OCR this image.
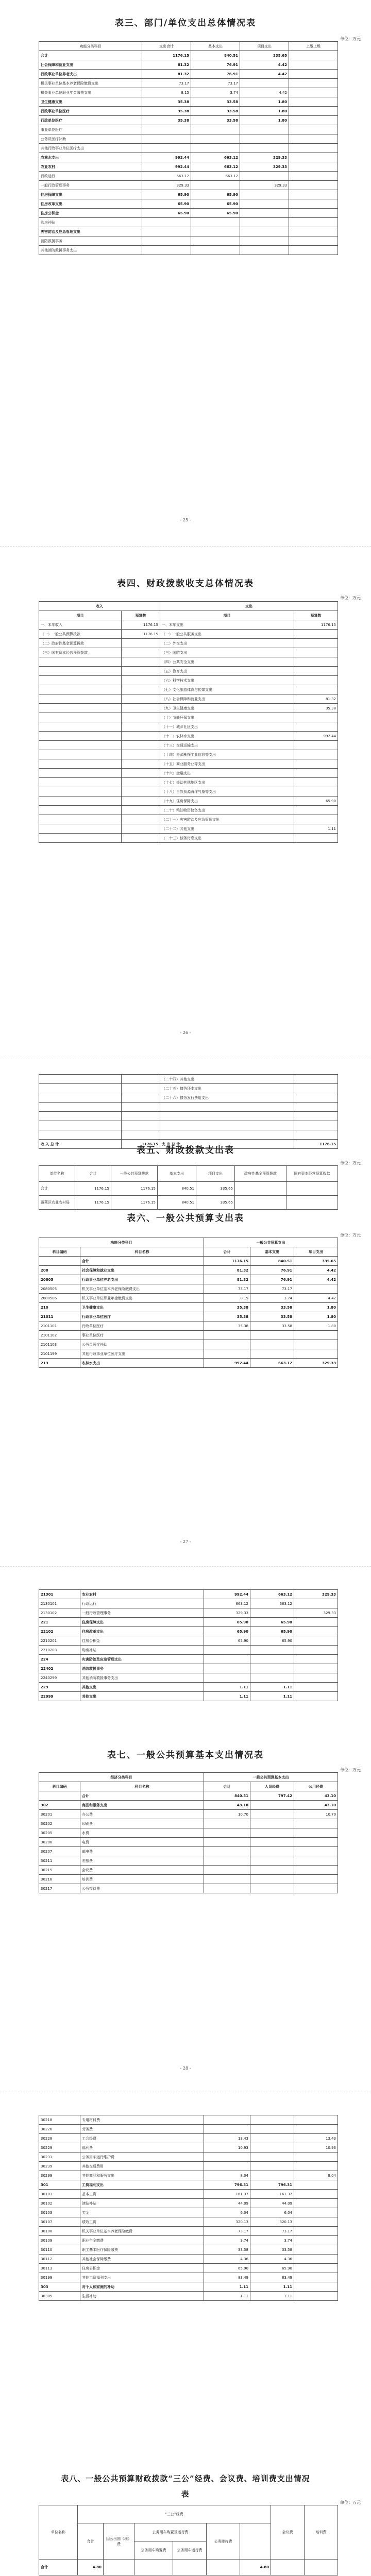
表三、部门/单位支出总体情况表
单位：万元
功能分类科目	支出合计	基本支出	项目支出	上缴上级
合计	1176.15	840.51	335.65	
社会保障和就业支出	81.32	76.91	4.42	
行政事业单位养老支出	81.32	76.91	4.42	
机关事业单位基本养老保险缴费支出	73.17	73.17		
机关事业单位职业年金缴费支出	8.15	3.74	4.42	
卫生健康支出	35.38	33.58	1.80	
行政事业单位医疗	35.38	33.58	1.80	
行政单位医疗	35.38	33.58	1.80	
事业单位医疗				
公务员医疗补助				
其他行政事业单位医疗支出				
农林水支出	992.44	663.12	329.33	
农业农村	992.44	663.12	329.33	
行政运行	663.12	663.12		
一般行政管理事务	329.33		329.33	
住房保障支出	65.90	65.90		
住房改革支出	65.90	65.90		
住房公积金	65.90	65.90		
购房补贴				
灾害防治及应急管理支出				
消防救援事务				
其他消防救援事务支出				
- 25 -
表四、财政拨款收支总体情况表
单位：万元
收入		支出	
项目	预算数	项目	预算数
一、本年收入	1176.15	一、本年支出	1176.15
（一）一般公共预算拨款	1176.15	（一）一般公共服务支出	
（二）政府性基金预算拨款		（二）外交支出	
（三）国有资本经营预算拨款		（三）国防支出	
		（四）公共安全支出	
		（五）教育支出	
		（六）科学技术支出	
		（七）文化旅游体育与传媒支出	
		（八）社会保障和就业支出	81.32
		（九）卫生健康支出	35.38
		（十）节能环保支出	
		（十一）城乡社区支出	
		（十二）农林水支出	992.44
		（十三）交通运输支出	
		（十四）资源勘探工业信息等支出	
		（十五）商业服务业等支出	
		（十六）金融支出	
		（十七）援助其他地区支出	
		（十八）自然资源海洋气象等支出	
		（十九）住房保障支出	65.90
		（二十）粮油物资储备支出	
		（二十一）灾害防治及应急管理支出	
		（二十二）其他支出	1.11
		（二十三）债务付息支出	
- 26 -
		（二十四）其他支出	
		（二十五）债务还本支出	
		（二十六）债务发行费用支出	

收 入 总 计	1176.15	支 出 总 计	1176.15
表五、财政拨款支出表
单位：万元
单位名称	合计	一般公共预算拨款	基本支出	项目支出	政府性基金预算拨款	国有资本经营预算拨款
合计	1176.15	1176.15	840.51	335.65		
蓬莱区农业农村局	1176.15	1176.15	840.51	335.65		
表六、一般公共预算支出表
单位：万元
功能分类科目		一般公共预算支出		
科目编码	科目名称	合计	基本支出	项目支出
	合计	1176.15	840.51	335.65
208	社会保障和就业支出	81.32	76.91	4.42
20805	行政事业单位养老支出	81.32	76.91	4.42
2080505	机关事业单位基本养老保险缴费支出	73.17	73.17	
2080506	机关事业单位职业年金缴费支出	8.15	3.74	4.42
210	卫生健康支出	35.38	33.58	1.80
21011	行政事业单位医疗	35.38	33.58	1.80
2101101	行政单位医疗	35.38	33.58	1.80
2101102	事业单位医疗			
2101103	公务员医疗补助			
2101199	其他行政事业单位医疗支出			
213	农林水支出	992.44	663.12	329.33
- 27 -
21301	农业农村	992.44	663.12	329.33
2130101	行政运行	663.12	663.12	
2130102	一般行政管理事务	329.33		329.33
221	住房保障支出	65.90	65.90	
22102	住房改革支出	65.90	65.90	
2210201	住房公积金	65.90	65.90	
2210203	购房补贴			
224	灾害防治及应急管理支出			
22402	消防救援事务			
2240299	其他消防救援事务支出			
229	其他支出	1.11	1.11	
22999	其他支出	1.11	1.11	
表七、一般公共预算基本支出情况表
单位：万元
经济分类科目		一般公共预算基本支出		
科目编码	科目名称	合计	人员经费	公用经费
	合计	840.51	797.42	43.10
302	商品和服务支出	43.10		43.10
30201	办公费	10.70		10.70
30202	印刷费			
30205	水费			
30206	电费			
30207	邮电费			
30211	差旅费			
30215	会议费			
30216	培训费			
30217	公务接待费			
- 28 -
30218	专用材料费			
30226	劳务费			
30228	工会经费	13.43		13.43
30229	福利费	10.93		10.93
30231	公务用车运行维护费			
30239	其他交通费用			
30299	其他商品和服务支出	8.04		8.04
301	工资福利支出	796.31	796.31	
30101	基本工资	161.37	161.37	
30102	津贴补贴	44.09	44.09	
30103	奖金	6.04	6.04	
30107	绩效工资	320.13	320.13	
30108	机关事业单位基本养老保险缴费	73.17	73.17	
30109	职业年金缴费	3.74	3.74	
30110	职工基本医疗保险缴费	33.58	33.58	
30112	其他社会保障缴费	4.36	4.36	
30113	住房公积金	65.90	65.90	
30199	其他工资福利支出	83.49	83.49	
303	对个人和家庭的补助	1.11	1.11	
30305	生活补助	1.11	1.11	
表八、一般公共预算财政拨款“三公”经费、会议费、培训费支出情况
表
单位：万元
单位名称	“三公”经费						会议费	培训费
	合计	因公出国（境）费	公务用车购置及运行费		公务接待费			
			公务用车购置费	公务用车运行费				
合计	4.80					4.80		
